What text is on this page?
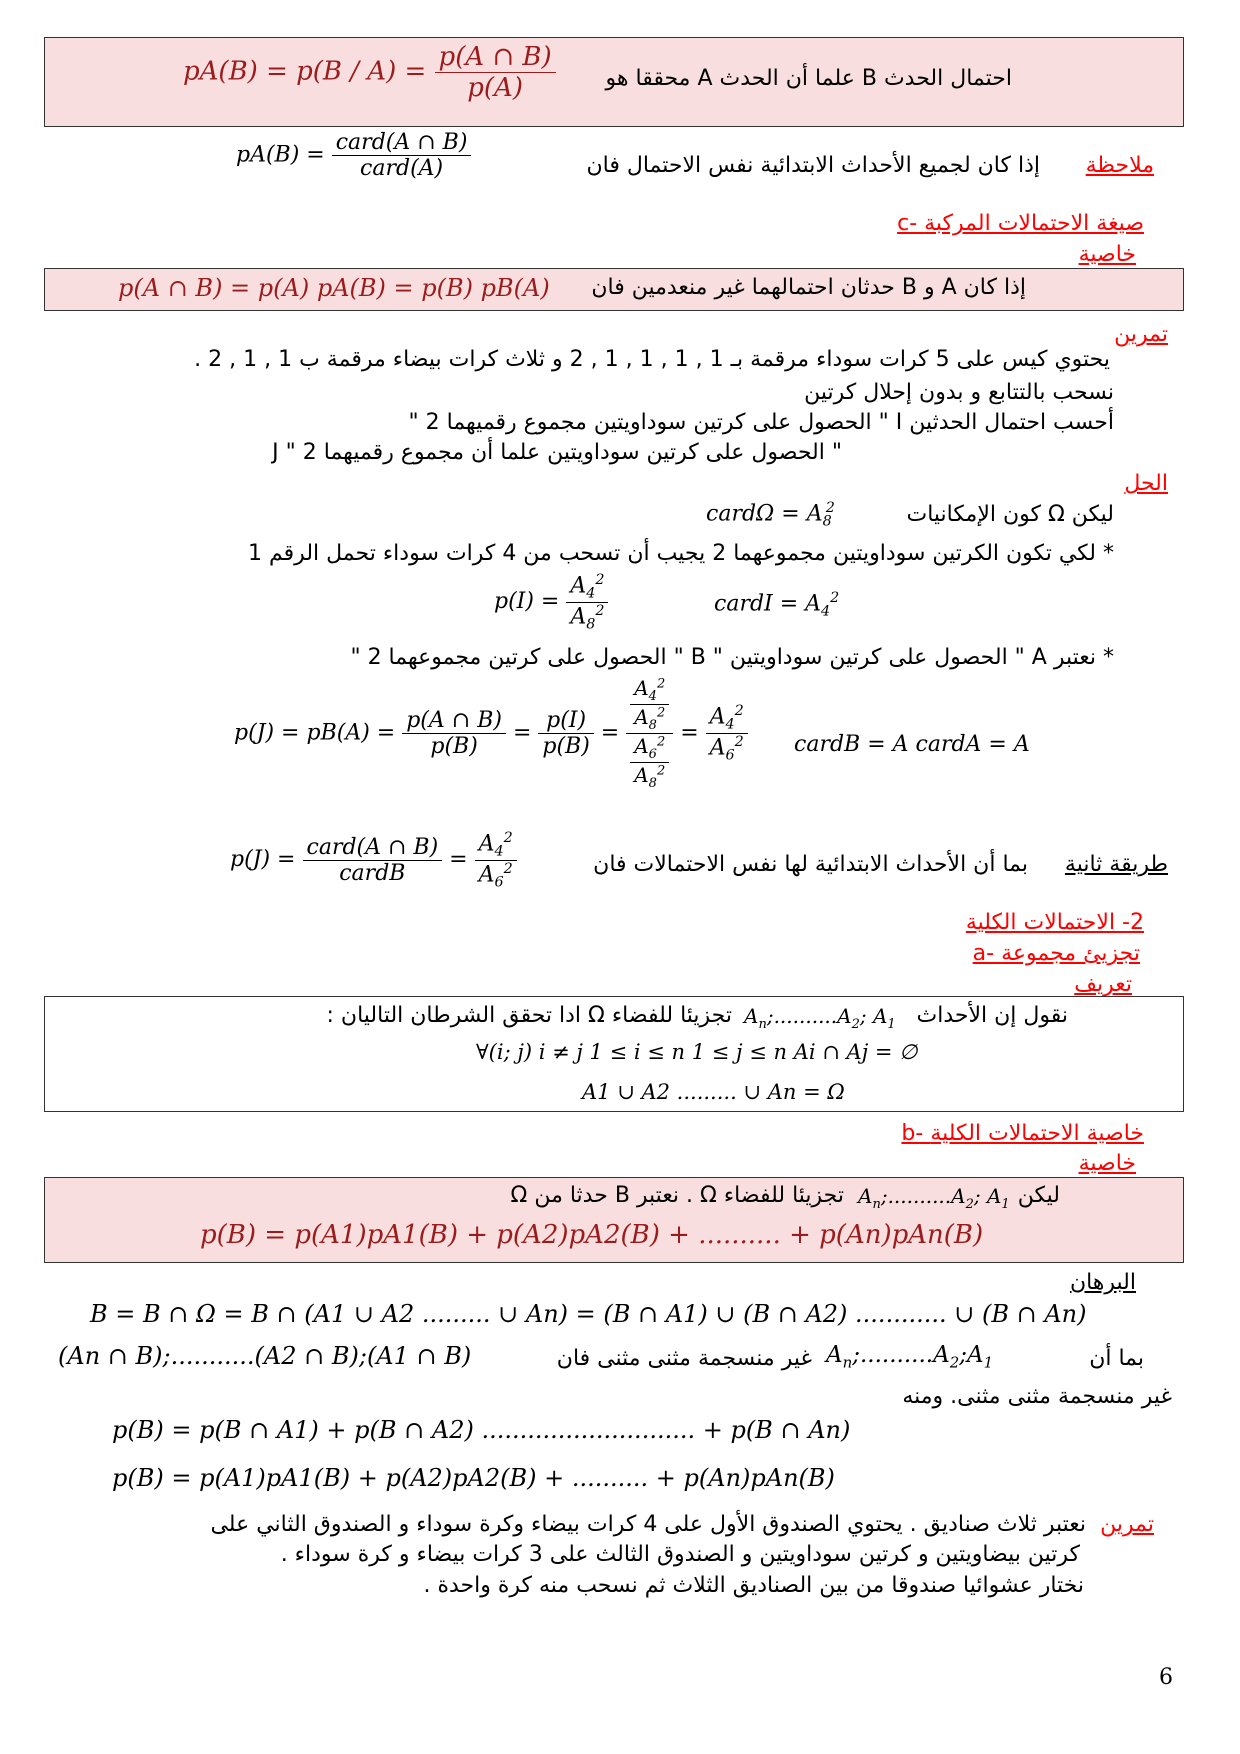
احتمال الحدث B علما أن الحدث A محققا هو
$pA(B) = p(B / A) = \frac{p(A \cap B)}{p(A)}$
ملاحظة
إذا كان لجميع الأحداث الابتدائية نفس الاحتمال فان
$pA(B) = \frac{\text{card(A ∩ B)}}{\text{card(A)}}$
c- صيغة الاحتمالات المركبة
خاصية
إذا كان A و B حدثان احتمالهما غير منعدمين فان
p(A ∩ B) = p(A) pA(B) = p(B) pB(A)
تمرين
يحتوي كيس على 5 كرات سوداء مرقمة بـ 1 , 1 , 1 , 1 , 2 و ثلاث كرات بيضاء مرقمة ب 1 , 1 , 2 .
نسحب بالتتابع و بدون إحلال كرتين
أحسب احتمال الحدثين I " الحصول على كرتين سوداويتين مجموع رقميهما 2 "
J " الحصول على كرتين سوداويتين علما أن مجموع رقميهما 2 "
الحل
ليكن Ω كون الإمكانيات
cardΩ = $A_8^2$
* لكي تكون الكرتين سوداويتين مجموعهما 2 يجيب أن تسحب من 4 كرات سوداء تحمل الرقم 1
$p(I) = \frac{A_4^2}{A_8^2}$	cardI = $A_4^2$
* نعتبر A " الحصول على كرتين سوداويتين " B " الحصول على كرتين مجموعهما 2 "
$p(J) = pB(A) = \frac{p(A \cap B)}{p(B)} = \frac{p(I)}{p(B)} = \frac{\frac{A_4^2}{A_8^2}}{\frac{A_6^2}{A_8^2}} = \frac{A_4^2}{A_6^2}$ cardB = A cardA = A
طريقة ثانية
بما أن الأحداث الابتدائية لها نفس الاحتمالات فان
$p(J) = \frac{\text{card(A ∩ B)}}{\text{cardB}} = \frac{A_4^2}{A_6^2}$
2- الاحتمالات الكلية
a- تجزيئ مجموعة
تعريف
نقول إن الأحداث
$A_n;..........A_2$; $A_1$
تجزيئا للفضاء Ω ادا تحقق الشرطان التاليان :
∀(i; j) i ≠ j 1 ≤ i ≤ n 1 ≤ j ≤ n Ai ∩ Aj = ∅
A1 ∪ A2 ......... ∪ An = Ω
b- خاصية الاحتمالات الكلية
خاصية
ليكن
$A_n;..........A_2$; $A_1$
تجزيئا للفضاء Ω . نعتبر B حدثا من Ω
p(B) = p(A1)pA1(B) + p(A2)pA2(B) + .......... + p(An)pAn(B)
البرهان
B = B ∩ Ω = B ∩ (A1 ∪ A2 ......... ∪ An) = (B ∩ A1) ∪ (B ∩ A2) ............ ∪ (B ∩ An)
بما أن
$A_n;..........A_2;A_1$
غير منسجمة مثنى مثنى فان
(An ∩ B);...........(A2 ∩ B);(A1 ∩ B)
غير منسجمة مثنى مثنى. ومنه
p(B) = p(B ∩ A1) + p(B ∩ A2) ............................ + p(B ∩ An)
p(B) = p(A1)pA1(B) + p(A2)pA2(B) + .......... + p(An)pAn(B)
تمرين
نعتبر ثلاث صناديق . يحتوي الصندوق الأول على 4 كرات بيضاء وكرة سوداء و الصندوق الثاني على
كرتين بيضاويتين و كرتين سوداويتين و الصندوق الثالث على 3 كرات بيضاء و كرة سوداء .
نختار عشوائيا صندوقا من بين الصناديق الثلاث ثم نسحب منه كرة واحدة .
6
